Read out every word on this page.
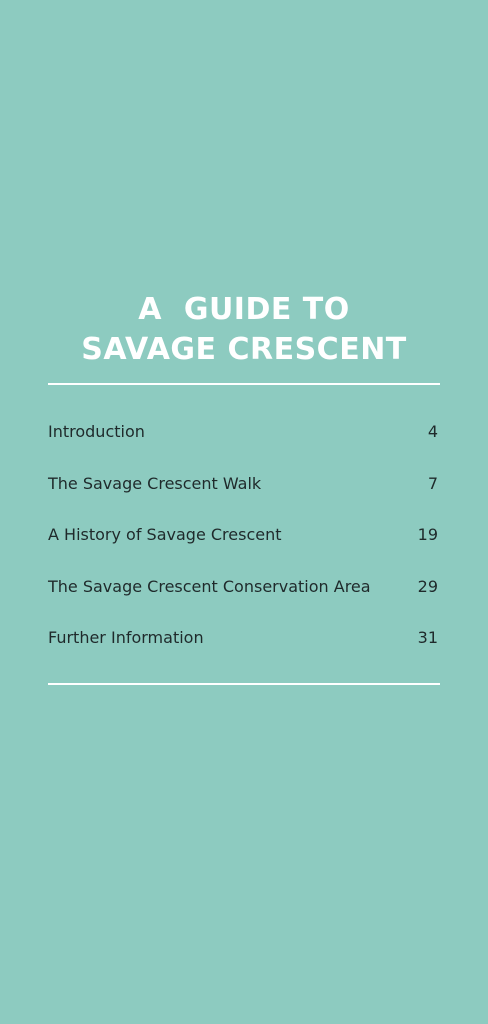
A  GUIDE TO
SAVAGE CRESCENT
Introduction	4
The Savage Crescent Walk	7
A History of Savage Crescent	19
The Savage Crescent Conservation Area	29
Further Information	31
